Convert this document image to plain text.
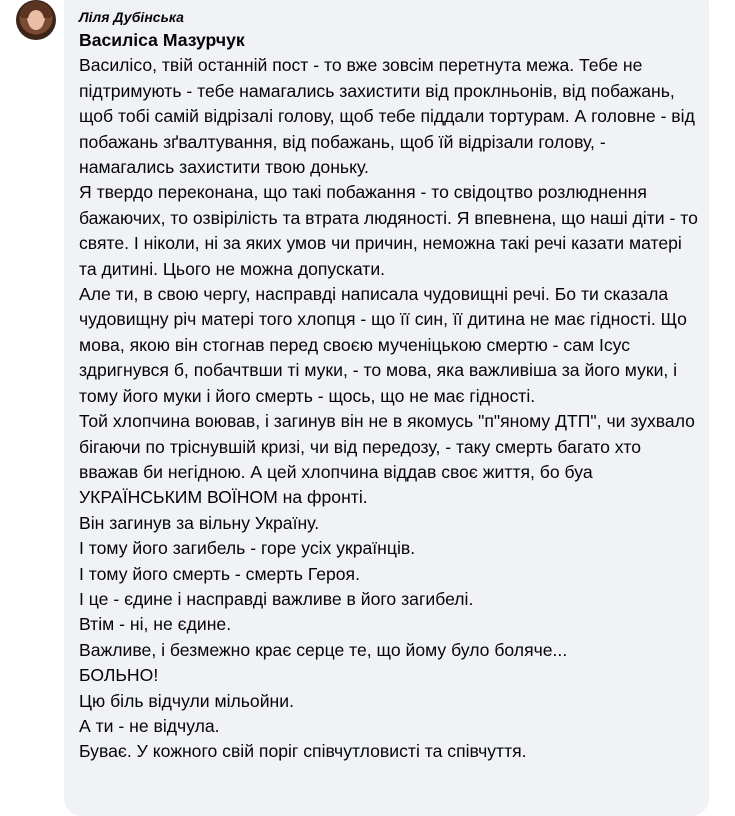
Ліля Дубінська
Василіса Мазурчук
Василісо, твій останній пост - то вже зовсім перетнута межа. Тебе не підтримують - тебе намагались захистити від проклньонів, від побажань, щоб тобі самій відрізалі голову, щоб тебе піддали тортурам. А головне - від побажань зґвалтування, від побажань, щоб їй відрізали голову, - намагались захистити твою доньку.
Я твердо переконана, що такі побажання - то свідоцтво розлюднення бажаючих, то озвірілість та втрата людяності. Я впевнена, що наші діти - то святе. І ніколи, ні за яких умов чи причин, неможна такі речі казати матері та дитині. Цього не можна допускати.
Але ти, в свою чергу, насправді написала чудовищні речі. Бо ти сказала чудовищну річ матері того хлопця - що її син, її дитина не має гідності. Що мова, якою він стогнав перед своєю мученіцькою смертю - сам Ісус здригнувся б, побачтвши ті муки, - то мова, яка важливіша за його муки, і тому його муки і його смерть - щось, що не має гідності.
Той хлопчина воював, і загинув він не в якомусь "п"яному ДТП", чи зухвало бігаючи по тріснувшій кризі, чи від передозу, - таку смерть багато хто вважав би негідною. А цей хлопчина віддав своє життя, бо буа УКРАЇНСЬКИМ ВОЇНОМ на фронті.
Він загинув за вільну Україну.
І тому його загибель - горе усіх українців.
І тому його смерть - смерть Героя.
І це - єдине і насправді важливе в його загибелі.
Втім - ні, не єдине.
Важливе, і безмежно крає серце те, що йому було боляче...
БОЛЬНО!
Цю біль відчули мільойни.
А ти - не відчула.
Буває. У кожного свій поріг співчутловисті та співчуття.
